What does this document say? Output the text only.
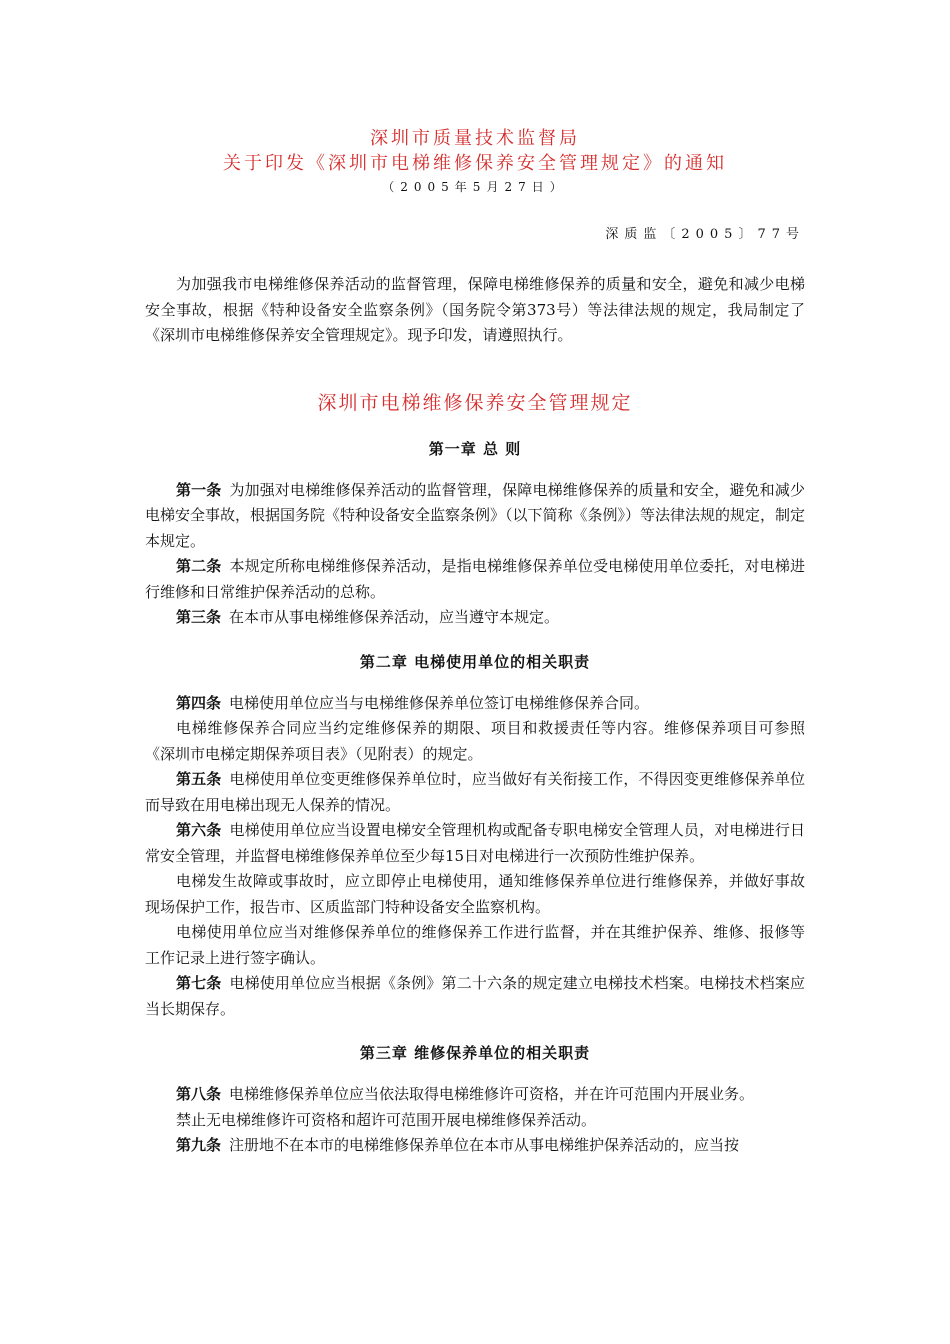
深圳市质量技术监督局
关于印发《深圳市电梯维修保养安全管理规定》的通知
（2005年5月27日）
深质监〔2005〕77号

为加强我市电梯维修保养活动的监督管理，保障电梯维修保养的质量和安全，避免和减少电梯安全事故，根据《特种设备安全监察条例》（国务院令第373号）等法律法规的规定，我局制定了《深圳市电梯维修保养安全管理规定》。现予印发，请遵照执行。

深圳市电梯维修保养安全管理规定
第一章 总 则

第一条 为加强对电梯维修保养活动的监督管理，保障电梯维修保养的质量和安全，避免和减少电梯安全事故，根据国务院《特种设备安全监察条例》（以下简称《条例》）等法律法规的规定，制定本规定。

第二条 本规定所称电梯维修保养活动，是指电梯维修保养单位受电梯使用单位委托，对电梯进行维修和日常维护保养活动的总称。

第三条 在本市从事电梯维修保养活动，应当遵守本规定。

第二章 电梯使用单位的相关职责

第四条 电梯使用单位应当与电梯维修保养单位签订电梯维修保养合同。

电梯维修保养合同应当约定维修保养的期限、项目和救援责任等内容。维修保养项目可参照《深圳市电梯定期保养项目表》（见附表）的规定。

第五条 电梯使用单位变更维修保养单位时，应当做好有关衔接工作，不得因变更维修保养单位而导致在用电梯出现无人保养的情况。

第六条 电梯使用单位应当设置电梯安全管理机构或配备专职电梯安全管理人员，对电梯进行日常安全管理，并监督电梯维修保养单位至少每15日对电梯进行一次预防性维护保养。

电梯发生故障或事故时，应立即停止电梯使用，通知维修保养单位进行维修保养，并做好事故现场保护工作，报告市、区质监部门特种设备安全监察机构。

电梯使用单位应当对维修保养单位的维修保养工作进行监督，并在其维护保养、维修、报修等工作记录上进行签字确认。

第七条 电梯使用单位应当根据《条例》第二十六条的规定建立电梯技术档案。电梯技术档案应当长期保存。

第三章 维修保养单位的相关职责

第八条 电梯维修保养单位应当依法取得电梯维修许可资格，并在许可范围内开展业务。

禁止无电梯维修许可资格和超许可范围开展电梯维修保养活动。

第九条 注册地不在本市的电梯维修保养单位在本市从事电梯维护保养活动的，应当按
